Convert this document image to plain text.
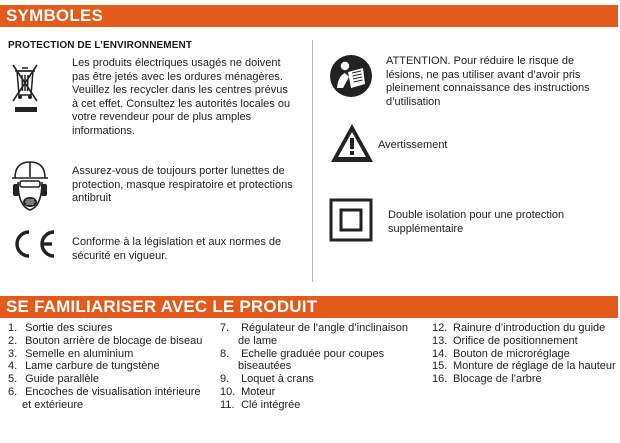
SYMBOLES
PROTECTION DE L’ENVIRONNEMENT

Les produits électriques usagés ne doivent pas être jetés avec les ordures ménagères. Veuillez les recycler dans les centres prévus à cet effet. Consultez les autorités locales ou votre revendeur pour de plus amples informations.

Assurez-vous de toujours porter lunettes de protection, masque respiratoire et protections antibruit

Conforme à la législation et aux normes de sécurité en vigueur.

ATTENTION. Pour réduire le risque de lésions, ne pas utiliser avant d’avoir pris pleinement connaissance des instructions d’utilisation

Avertissement

Double isolation pour une protection supplémentaire

SE FAMILIARISER AVEC LE PRODUIT
1. Sortie des sciures
2. Bouton arrière de blocage de biseau
3. Semelle en aluminium
4. Lame carbure de tungstène
5. Guide parallèle
6. Encoches de visualisation intérieure et extérieure
7. Régulateur de l’angle d’inclinaison de lame
8. Echelle graduée pour coupes biseautées
9. Loquet à crans
10. Moteur
11. Clé intégrée
12. Rainure d’introduction du guide
13. Orifice de positionnement
14. Bouton de microréglage
15. Monture de réglage de la hauteur
16. Blocage de l’arbre
